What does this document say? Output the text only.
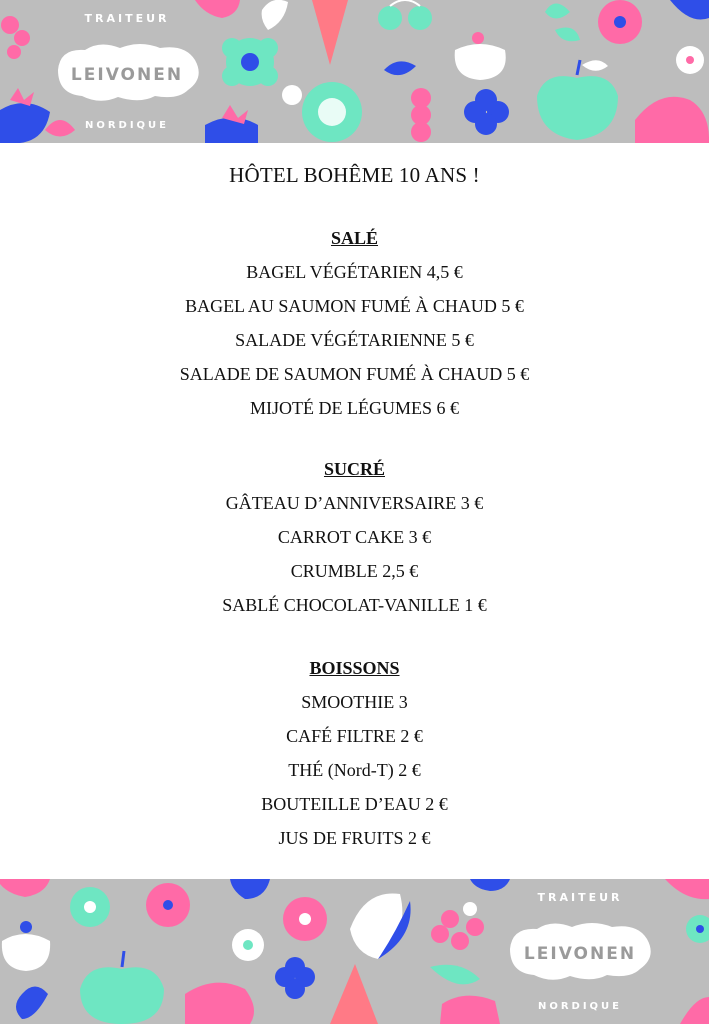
LEIVONEN
TRAITEUR
NORDIQUE
HÔTEL BOHÊME 10 ANS !

SALÉ

BAGEL VÉGÉTARIEN 4,5 €

BAGEL AU SAUMON FUMÉ À CHAUD 5 €

SALADE VÉGÉTARIENNE 5 €

SALADE DE SAUMON FUMÉ À CHAUD 5 €

MIJOTÉ DE LÉGUMES 6 €

SUCRÉ

GÂTEAU D’ANNIVERSAIRE 3 €

CARROT CAKE 3 €

CRUMBLE 2,5 €

SABLÉ CHOCOLAT-VANILLE 1 €

BOISSONS

SMOOTHIE 3

CAFÉ FILTRE 2 €

THÉ (Nord-T) 2 €

BOUTEILLE D’EAU 2 €

JUS DE FRUITS 2 €

LEIVONEN
TRAITEUR
NORDIQUE
